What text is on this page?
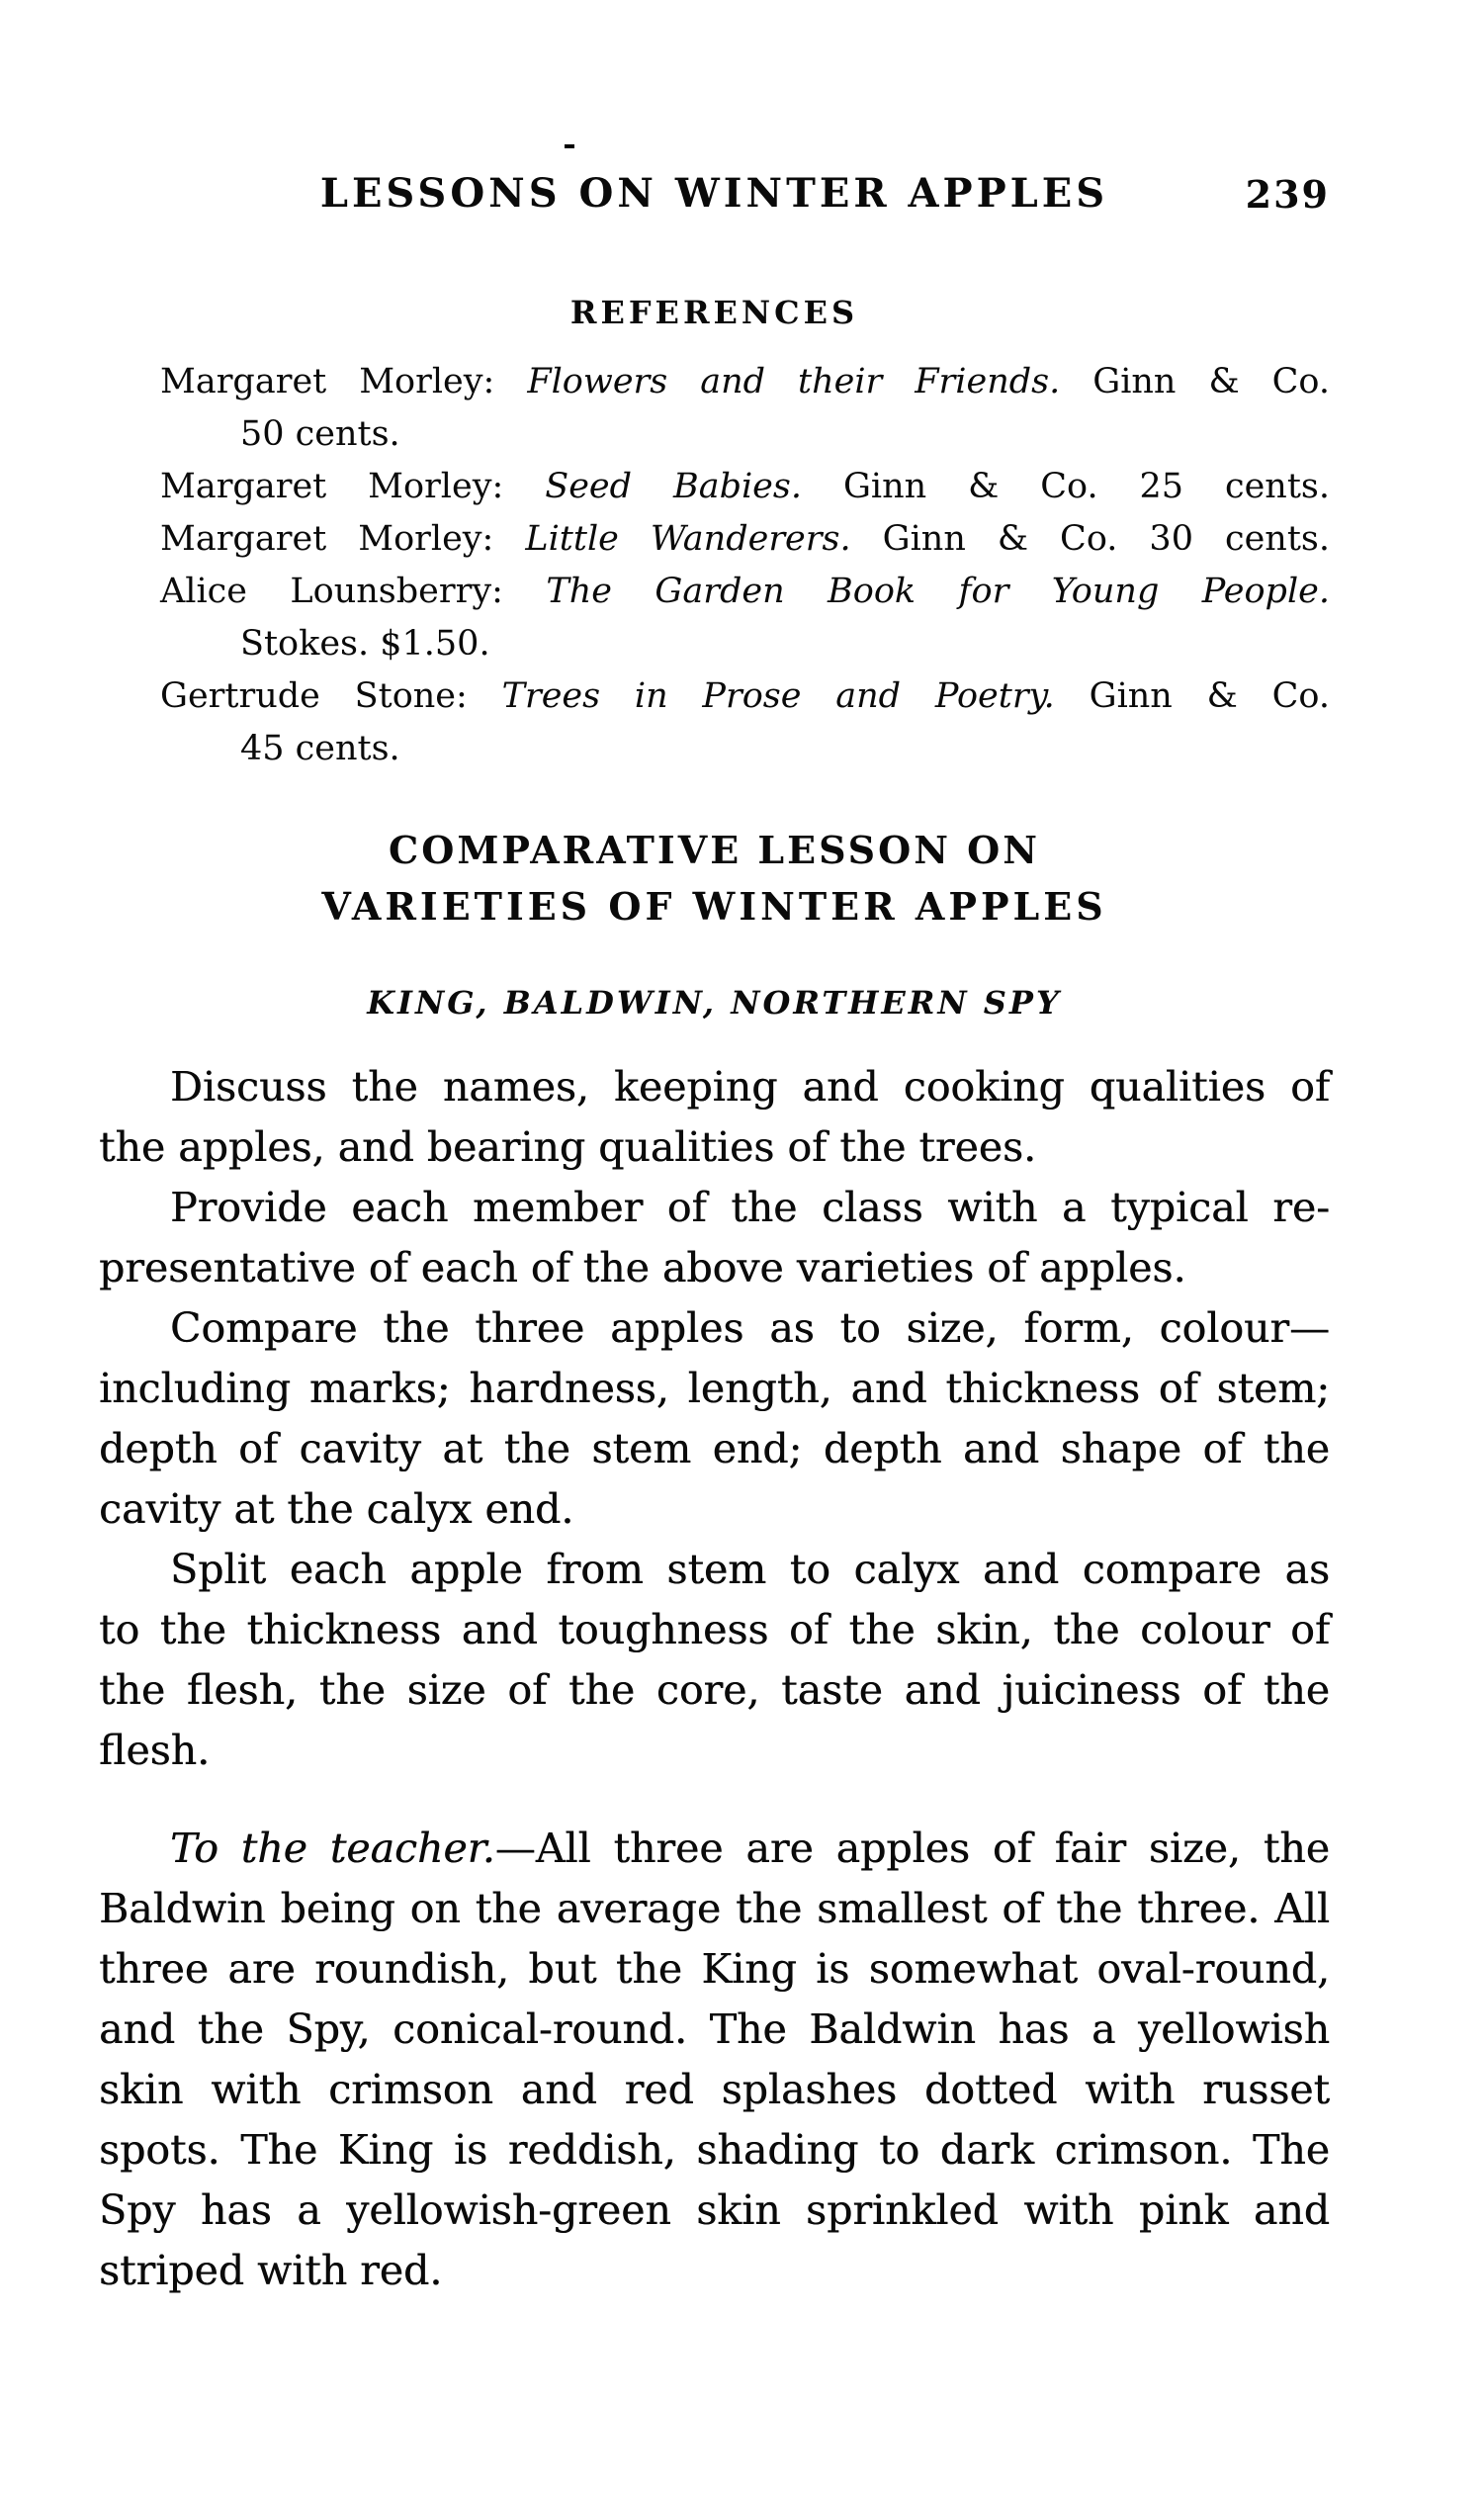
LESSONS ON WINTER APPLES	239
REFERENCES
Margaret Morley: Flowers and their Friends. Ginn & Co.
50 cents.
Margaret Morley: Seed Babies. Ginn & Co. 25 cents.
Margaret Morley: Little Wanderers. Ginn & Co. 30 cents.
Alice Lounsberry: The Garden Book for Young People.
Stokes. $1.50.
Gertrude Stone: Trees in Prose and Poetry. Ginn & Co.
45 cents.
COMPARATIVE LESSON ON
VARIETIES OF WINTER APPLES
KING, BALDWIN, NORTHERN SPY
Discuss the names, keeping and cooking qualities of
the apples, and bearing qualities of the trees.
Provide each member of the class with a typical re-
presentative of each of the above varieties of apples.
Compare the three apples as to size, form, colour—
including marks; hardness, length, and thickness of stem;
depth of cavity at the stem end; depth and shape of the
cavity at the calyx end.
Split each apple from stem to calyx and compare as
to the thickness and toughness of the skin, the colour of
the flesh, the size of the core, taste and juiciness of the
flesh.
To the teacher.—All three are apples of fair size, the
Baldwin being on the average the smallest of the three. All
three are roundish, but the King is somewhat oval-round,
and the Spy, conical-round. The Baldwin has a yellowish
skin with crimson and red splashes dotted with russet
spots. The King is reddish, shading to dark crimson. The
Spy has a yellowish-green skin sprinkled with pink and
striped with red.
